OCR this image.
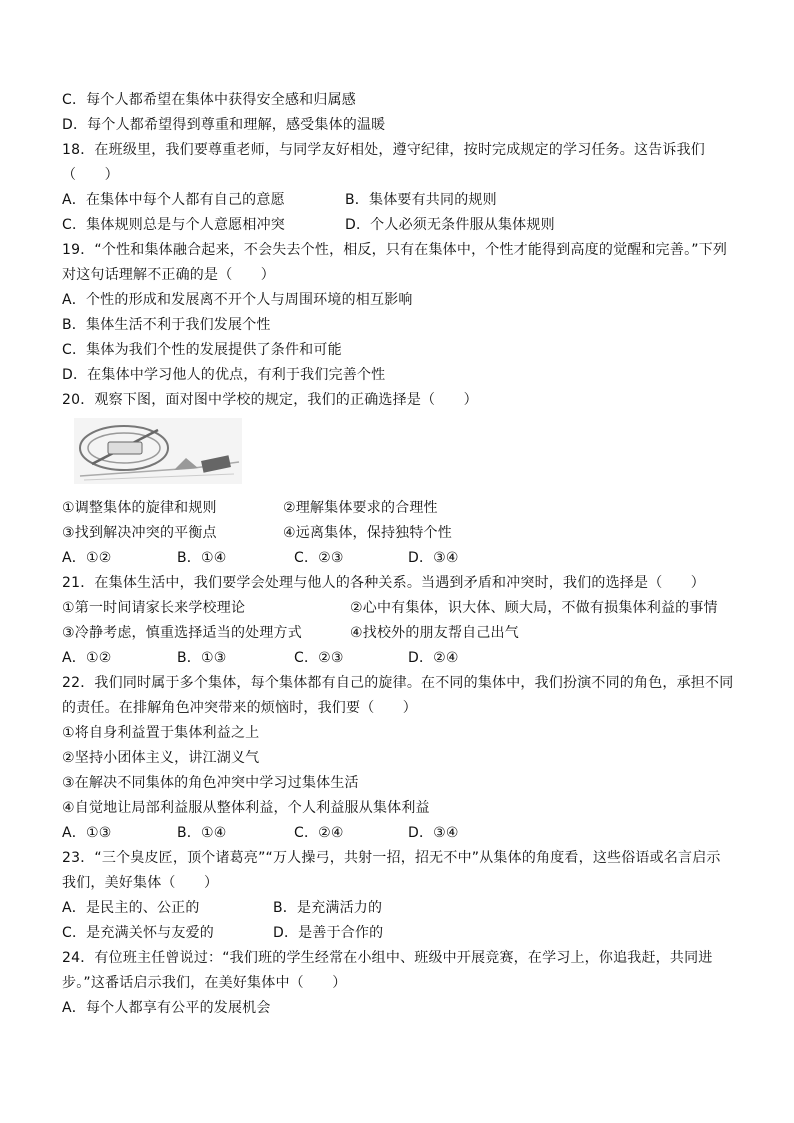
C．每个人都希望在集体中获得安全感和归属感
D．每个人都希望得到尊重和理解，感受集体的温暖
18．在班级里，我们要尊重老师，与同学友好相处，遵守纪律，按时完成规定的学习任务。这告诉我们
（　　）
A．在集体中每个人都有自己的意愿	B．集体要有共同的规则
C．集体规则总是与个人意愿相冲突	D．个人必须无条件服从集体规则
19．“个性和集体融合起来，不会失去个性，相反，只有在集体中，个性才能得到高度的觉醒和完善。”下列
对这句话理解不正确的是（　　）
A．个性的形成和发展离不开个人与周围环境的相互影响
B．集体生活不利于我们发展个性
C．集体为我们个性的发展提供了条件和可能
D．在集体中学习他人的优点，有利于我们完善个性
20．观察下图，面对图中学校的规定，我们的正确选择是（　　）
①调整集体的旋律和规则	②理解集体要求的合理性
③找到解决冲突的平衡点	④远离集体，保持独特个性
A．①②	B．①④	C．②③	D．③④
21．在集体生活中，我们要学会处理与他人的各种关系。当遇到矛盾和冲突时，我们的选择是（　　）
①第一时间请家长来学校理论	②心中有集体，识大体、顾大局，不做有损集体利益的事情
③冷静考虑，慎重选择适当的处理方式	④找校外的朋友帮自己出气
A．①②	B．①③	C．②③	D．②④
22．我们同时属于多个集体，每个集体都有自己的旋律。在不同的集体中，我们扮演不同的角色，承担不同
的责任。在排解角色冲突带来的烦恼时，我们要（　　）
①将自身利益置于集体利益之上
②坚持小团体主义，讲江湖义气
③在解决不同集体的角色冲突中学习过集体生活
④自觉地让局部利益服从整体利益，个人利益服从集体利益
A．①③	B．①④	C．②④	D．③④
23．“三个臭皮匠，顶个诸葛亮”“万人操弓，共射一招，招无不中”从集体的角度看，这些俗语或名言启示
我们，美好集体（　　）
A．是民主的、公正的	B．是充满活力的
C．是充满关怀与友爱的	D．是善于合作的
24．有位班主任曾说过：“我们班的学生经常在小组中、班级中开展竞赛，在学习上，你追我赶，共同进
步。”这番话启示我们，在美好集体中（　　）
A．每个人都享有公平的发展机会
